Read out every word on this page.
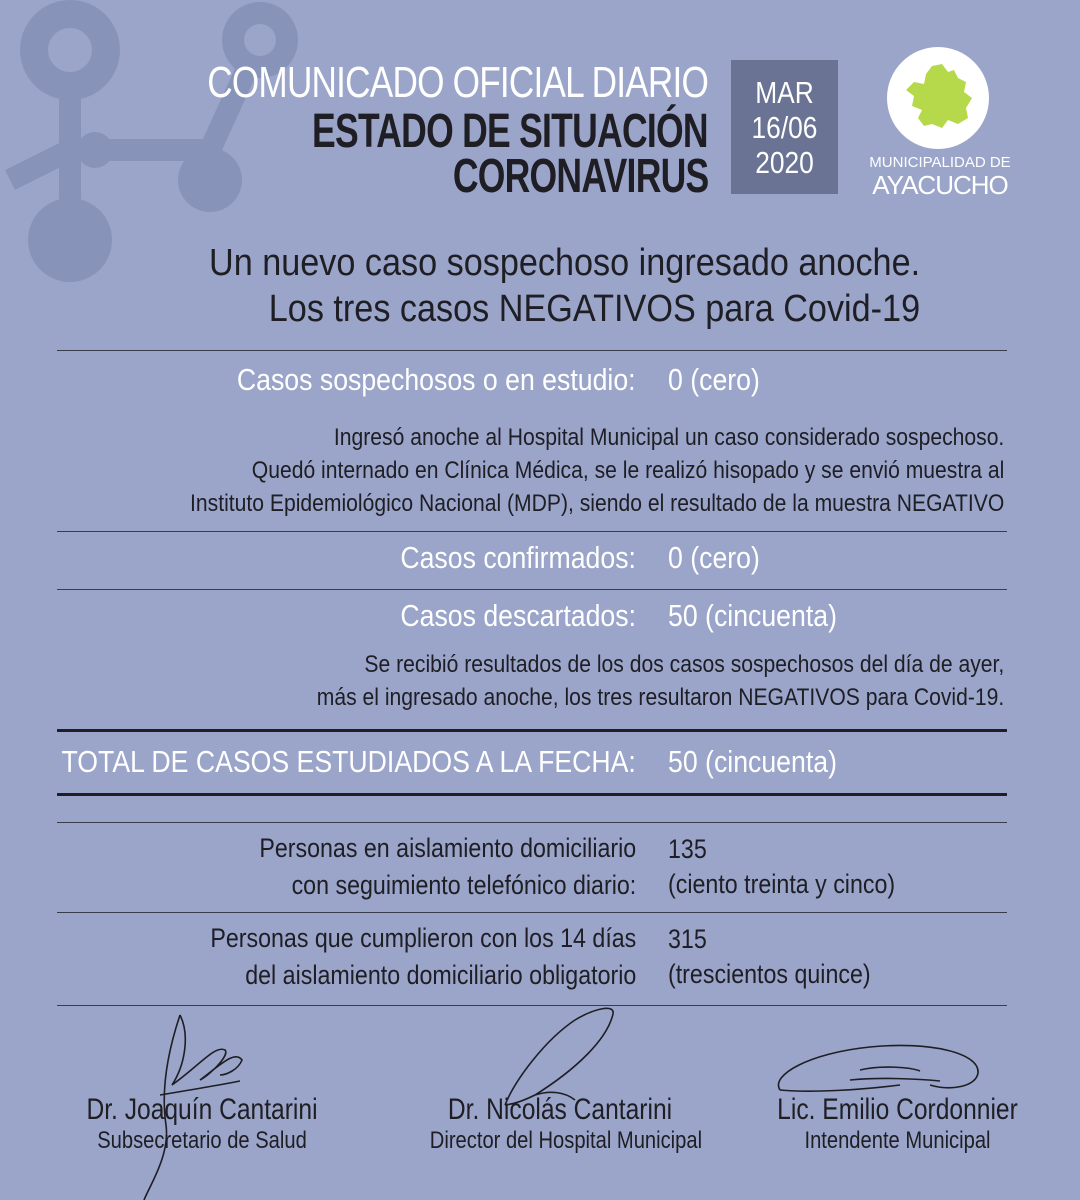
COMUNICADO OFICIAL DIARIO
ESTADO DE SITUACIÓN
CORONAVIRUS
MAR
16/06
2020	MUNICIPALIDAD DE
AYACUCHO
Un nuevo caso sospechoso ingresado anoche.
Los tres casos NEGATIVOS para Covid-19
Casos sospechosos o en estudio: 0 (cero)
Ingresó anoche al Hospital Municipal un caso considerado sospechoso.
Quedó internado en Clínica Médica, se le realizó hisopado y se envió muestra al
Instituto Epidemiológico Nacional (MDP), siendo el resultado de la muestra NEGATIVO
Casos confirmados: 0 (cero)
Casos descartados: 50 (cincuenta)
Se recibió resultados de los dos casos sospechosos del día de ayer,
más el ingresado anoche, los tres resultaron NEGATIVOS para Covid-19.
TOTAL DE CASOS ESTUDIADOS A LA FECHA: 50 (cincuenta)
Personas en aislamiento domiciliario
con seguimiento telefónico diario:
135
(ciento treinta y cinco)
Personas que cumplieron con los 14 días
del aislamiento domiciliario obligatorio
315
(trescientos quince)
Dr. Joaquín Cantarini
Subsecretario de Salud
Dr. Nicolás Cantarini
Director del Hospital Municipal
Lic. Emilio Cordonnier
Intendente Municipal
